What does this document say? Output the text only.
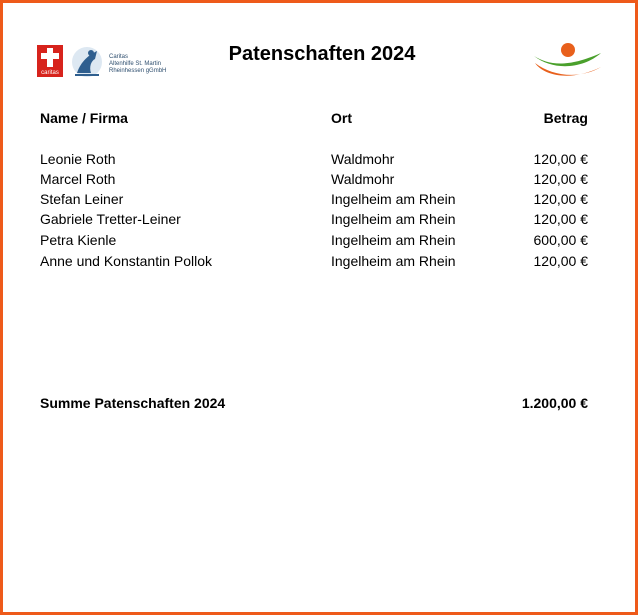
caritas
Caritas
Altenhilfe St. Martin
Rheinhessen gGmbH
Patenschaften 2024
Name / Firma	Ort	Betrag
Leonie Roth	Waldmohr	120,00 €
Marcel Roth	Waldmohr	120,00 €
Stefan Leiner	Ingelheim am Rhein	120,00 €
Gabriele Tretter-Leiner	Ingelheim am Rhein	120,00 €
Petra Kienle	Ingelheim am Rhein	600,00 €
Anne und Konstantin Pollok	Ingelheim am Rhein	120,00 €
Summe Patenschaften 2024	1.200,00 €
